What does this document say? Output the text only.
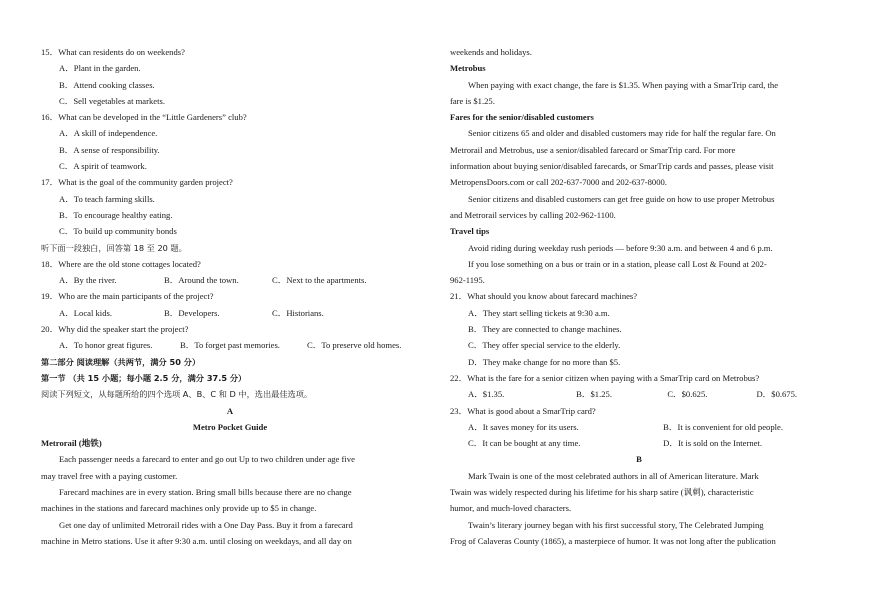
15．What can residents do on weekends?
A．Plant in the garden.
B．Attend cooking classes.
C．Sell vegetables at markets.
16．What can be developed in the “Little Gardeners” club?
A．A skill of independence.
B．A sense of responsibility.
C．A spirit of teamwork.
17．What is the goal of the community garden project?
A．To teach farming skills.
B．To encourage healthy eating.
C．To build up community bonds
听下面一段独白，回答第 18 至 20 题。
18．Where are the old stone cottages located?
A．By the river.	B．Around the town.	C．Next to the apartments.
19．Who are the main participants of the project?
A．Local kids.	B．Developers.	C．Historians.
20．Why did the speaker start the project?
A．To honor great figures.	B．To forget past memories.	C．To preserve old homes.
第二部分 阅读理解（共两节，满分 50 分）
第一节 （共 15 小题；每小题 2.5 分，满分 37.5 分）
阅读下列短文，从每题所给的四个选项 A、B、C 和 D 中，选出最佳选项。
A
Metro Pocket Guide
Metrorail (地铁)
Each passenger needs a farecard to enter and go out Up to two children under age five
may travel free with a paying customer.
Farecard machines are in every station. Bring small bills because there are no change
machines in the stations and farecard machines only provide up to $5 in change.
Get one day of unlimited Metrorail rides with a One Day Pass. Buy it from a farecard
machine in Metro stations. Use it after 9:30 a.m. until closing on weekdays, and all day on
weekends and holidays.
Metrobus
When paying with exact change, the fare is $1.35. When paying with a SmarTrip card, the
fare is $1.25.
Fares for the senior/disabled customers
Senior citizens 65 and older and disabled customers may ride for half the regular fare. On
Metrorail and Metrobus, use a senior/disabled farecard or SmarTrip card. For more
information about buying senior/disabled farecards, or SmarTrip cards and passes, please visit
MetropensDoors.com or call 202-637-7000 and 202-637-8000.
Senior citizens and disabled customers can get free guide on how to use proper Metrobus
and Metrorail services by calling 202-962-1100.
Travel tips
Avoid riding during weekday rush periods — before 9:30 a.m. and between 4 and 6 p.m.
If you lose something on a bus or train or in a station, please call Lost & Found at 202-
962-1195.
21．What should you know about farecard machines?
A．They start selling tickets at 9:30 a.m.
B．They are connected to change machines.
C．They offer special service to the elderly.
D．They make change for no more than $5.
22．What is the fare for a senior citizen when paying with a SmarTrip card on Metrobus?
A．$1.35.	B．$1.25.	C．$0.625.	D．$0.675.
23．What is good about a SmarTrip card?
A．It saves money for its users.	B．It is convenient for old people.
C．It can be bought at any time.	D．It is sold on the Internet.
B
Mark Twain is one of the most celebrated authors in all of American literature. Mark
Twain was widely respected during his lifetime for his sharp satire (讽刺), characteristic
humor, and much-loved characters.
Twain’s literary journey began with his first successful story, The Celebrated Jumping
Frog of Calaveras County (1865), a masterpiece of humor. It was not long after the publication
